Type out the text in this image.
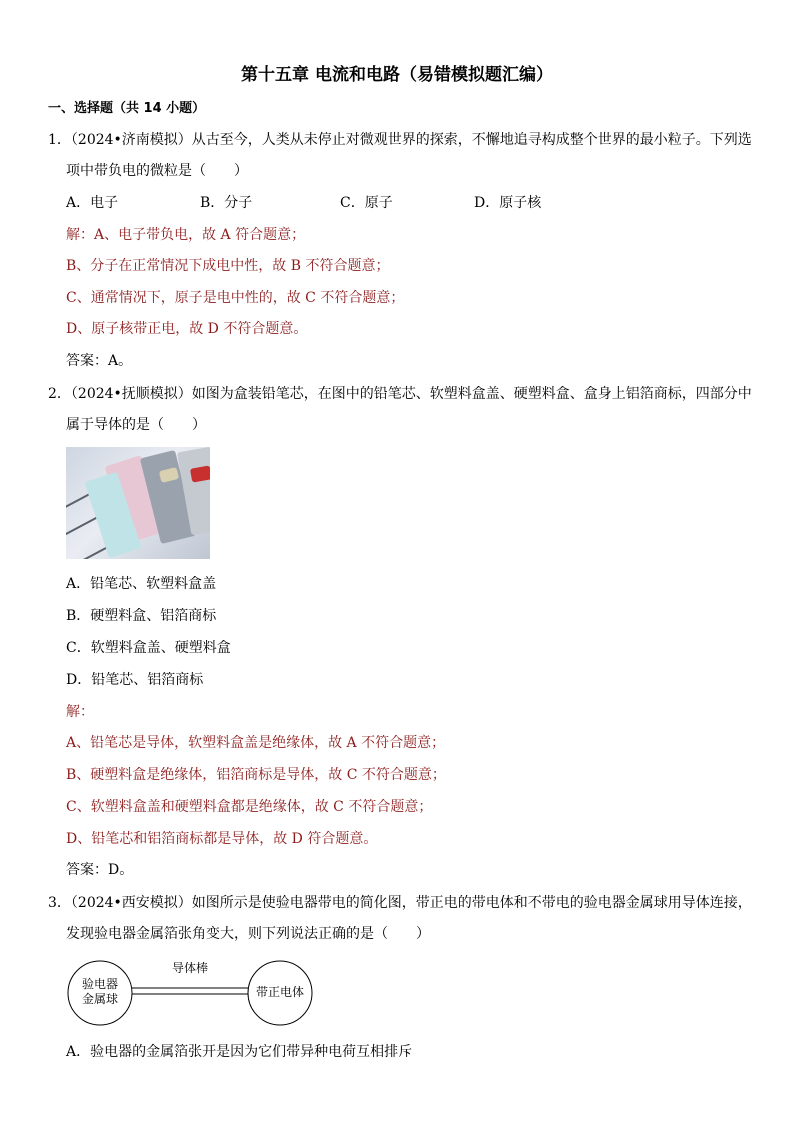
第十五章 电流和电路（易错模拟题汇编）
一、选择题（共 14 小题）
1．（2024•济南模拟）从古至今，人类从未停止对微观世界的探索，不懈地追寻构成整个世界的最小粒子。下列选
项中带负电的微粒是（　　）
A．电子	B．分子	C．原子	D．原子核
解：A、电子带负电，故 A 符合题意；
B、分子在正常情况下成电中性，故 B 不符合题意；
C、通常情况下，原子是电中性的，故 C 不符合题意；
D、原子核带正电，故 D 不符合题意。
答案：A。
2．（2024•抚顺模拟）如图为盒装铅笔芯，在图中的铅笔芯、软塑料盒盖、硬塑料盒、盒身上铝箔商标，四部分中
属于导体的是（　　）
A．铅笔芯、软塑料盒盖
B．硬塑料盒、铝箔商标
C．软塑料盒盖、硬塑料盒
D．铅笔芯、铝箔商标
解：
A、铅笔芯是导体，软塑料盒盖是绝缘体，故 A 不符合题意；
B、硬塑料盒是绝缘体，铝箔商标是导体，故 C 不符合题意；
C、软塑料盒盖和硬塑料盒都是绝缘体，故 C 不符合题意；
D、铅笔芯和铝箔商标都是导体，故 D 符合题意。
答案：D。
3．（2024•西安模拟）如图所示是使验电器带电的简化图，带正电的带电体和不带电的验电器金属球用导体连接，
发现验电器金属箔张角变大，则下列说法正确的是（　　）
验电器
金属球
导体棒
带正电体
A．验电器的金属箔张开是因为它们带异种电荷互相排斥
